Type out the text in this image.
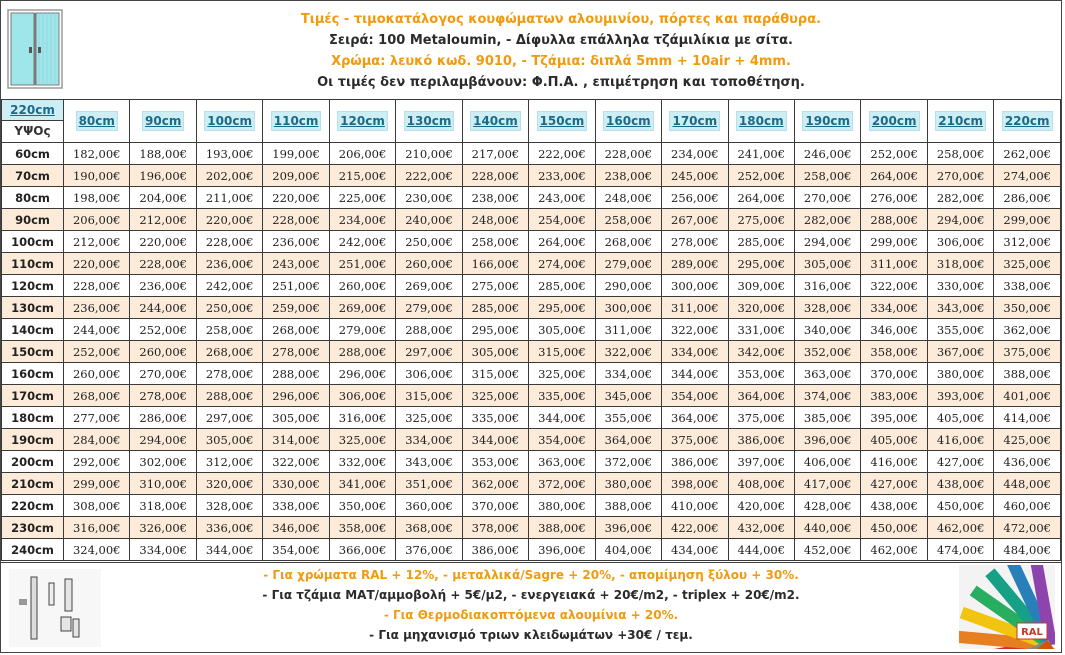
Τιμές - τιμοκατάλογος κουφώματων αλουμινίου, πόρτες και παράθυρα.
Σειρά: 100 Metaloumin, - Δίφυλλα επάλληλα τζάμιλίκια με σίτα.
Χρώμα: λευκό κωδ. 9010, - Τζάμια: διπλά 5mm + 10air + 4mm.
Οι τιμές δεν περιλαμβάνουν: Φ.Π.Α. , επιμέτρηση και τοποθέτηση.
220cm
ΥΨΟς	80cm	90cm	100cm	110cm	120cm	130cm	140cm	150cm	160cm	170cm	180cm	190cm	200cm	210cm	220cm
60cm	182,00€	188,00€	193,00€	199,00€	206,00€	210,00€	217,00€	222,00€	228,00€	234,00€	241,00€	246,00€	252,00€	258,00€	262,00€
70cm	190,00€	196,00€	202,00€	209,00€	215,00€	222,00€	228,00€	233,00€	238,00€	245,00€	252,00€	258,00€	264,00€	270,00€	274,00€
80cm	198,00€	204,00€	211,00€	220,00€	225,00€	230,00€	238,00€	243,00€	248,00€	256,00€	264,00€	270,00€	276,00€	282,00€	286,00€
90cm	206,00€	212,00€	220,00€	228,00€	234,00€	240,00€	248,00€	254,00€	258,00€	267,00€	275,00€	282,00€	288,00€	294,00€	299,00€
100cm	212,00€	220,00€	228,00€	236,00€	242,00€	250,00€	258,00€	264,00€	268,00€	278,00€	285,00€	294,00€	299,00€	306,00€	312,00€
110cm	220,00€	228,00€	236,00€	243,00€	251,00€	260,00€	166,00€	274,00€	279,00€	289,00€	295,00€	305,00€	311,00€	318,00€	325,00€
120cm	228,00€	236,00€	242,00€	251,00€	260,00€	269,00€	275,00€	285,00€	290,00€	300,00€	309,00€	316,00€	322,00€	330,00€	338,00€
130cm	236,00€	244,00€	250,00€	259,00€	269,00€	279,00€	285,00€	295,00€	300,00€	311,00€	320,00€	328,00€	334,00€	343,00€	350,00€
140cm	244,00€	252,00€	258,00€	268,00€	279,00€	288,00€	295,00€	305,00€	311,00€	322,00€	331,00€	340,00€	346,00€	355,00€	362,00€
150cm	252,00€	260,00€	268,00€	278,00€	288,00€	297,00€	305,00€	315,00€	322,00€	334,00€	342,00€	352,00€	358,00€	367,00€	375,00€
160cm	260,00€	270,00€	278,00€	288,00€	296,00€	306,00€	315,00€	325,00€	334,00€	344,00€	353,00€	363,00€	370,00€	380,00€	388,00€
170cm	268,00€	278,00€	288,00€	296,00€	306,00€	315,00€	325,00€	335,00€	345,00€	354,00€	364,00€	374,00€	383,00€	393,00€	401,00€
180cm	277,00€	286,00€	297,00€	305,00€	316,00€	325,00€	335,00€	344,00€	355,00€	364,00€	375,00€	385,00€	395,00€	405,00€	414,00€
190cm	284,00€	294,00€	305,00€	314,00€	325,00€	334,00€	344,00€	354,00€	364,00€	375,00€	386,00€	396,00€	405,00€	416,00€	425,00€
200cm	292,00€	302,00€	312,00€	322,00€	332,00€	343,00€	353,00€	363,00€	372,00€	386,00€	397,00€	406,00€	416,00€	427,00€	436,00€
210cm	299,00€	310,00€	320,00€	330,00€	341,00€	351,00€	362,00€	372,00€	380,00€	398,00€	408,00€	417,00€	427,00€	438,00€	448,00€
220cm	308,00€	318,00€	328,00€	338,00€	350,00€	360,00€	370,00€	380,00€	388,00€	410,00€	420,00€	428,00€	438,00€	450,00€	460,00€
230cm	316,00€	326,00€	336,00€	346,00€	358,00€	368,00€	378,00€	388,00€	396,00€	422,00€	432,00€	440,00€	450,00€	462,00€	472,00€
240cm	324,00€	334,00€	344,00€	354,00€	366,00€	376,00€	386,00€	396,00€	404,00€	434,00€	444,00€	452,00€	462,00€	474,00€	484,00€
- Για χρώματα RAL + 12%, - μεταλλικά/Sagre + 20%, - απομίμηση ξύλου + 30%.
- Για τζάμια ΜΑΤ/αμμοβολή + 5€/μ2, - ενεργειακά + 20€/m2, - triplex + 20€/m2.
- Για Θερμοδιακοπτόμενα αλουμίνια + 20%.
- Για μηχανισμό τριων κλειδωμάτων +30€ / τεμ.	RAL
